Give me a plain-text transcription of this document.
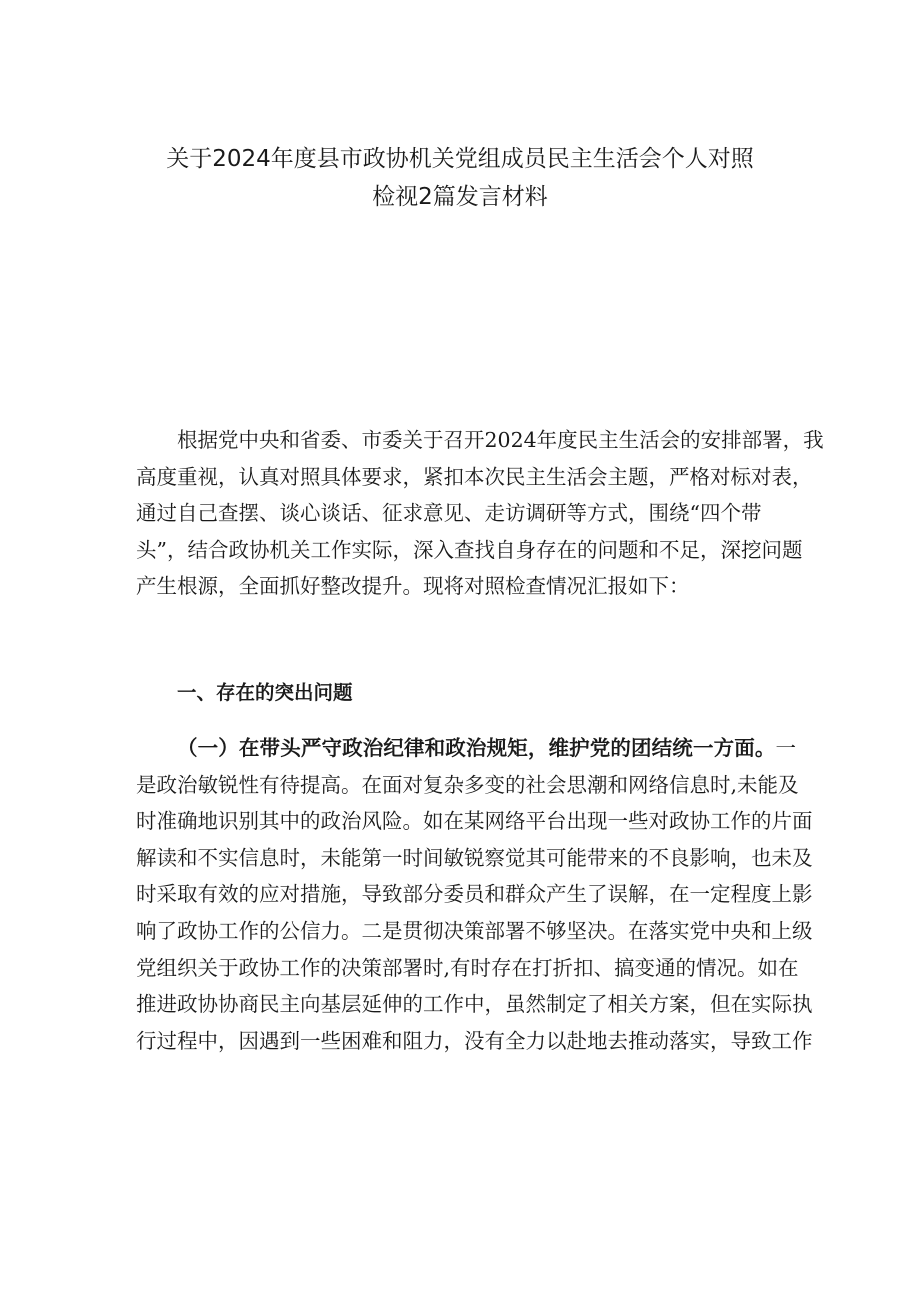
关于2024年度县市政协机关党组成员民主生活会个人对照
检视2篇发言材料
根据党中央和省委、市委关于召开2024年度民主生活会的安排部署，我
高度重视，认真对照具体要求，紧扣本次民主生活会主题，严格对标对表，
通过自己查摆、谈心谈话、征求意见、走访调研等方式，围绕“四个带
头”，结合政协机关工作实际，深入查找自身存在的问题和不足，深挖问题
产生根源，全面抓好整改提升。现将对照检查情况汇报如下：
一、存在的突出问题
（一）在带头严守政治纪律和政治规矩，维护党的团结统一方面。一
是政治敏锐性有待提高。在面对复杂多变的社会思潮和网络信息时,未能及
时准确地识别其中的政治风险。如在某网络平台出现一些对政协工作的片面
解读和不实信息时，未能第一时间敏锐察觉其可能带来的不良影响，也未及
时采取有效的应对措施，导致部分委员和群众产生了误解，在一定程度上影
响了政协工作的公信力。二是贯彻决策部署不够坚决。在落实党中央和上级
党组织关于政协工作的决策部署时,有时存在打折扣、搞变通的情况。如在
推进政协协商民主向基层延伸的工作中，虽然制定了相关方案，但在实际执
行过程中，因遇到一些困难和阻力，没有全力以赴地去推动落实，导致工作
